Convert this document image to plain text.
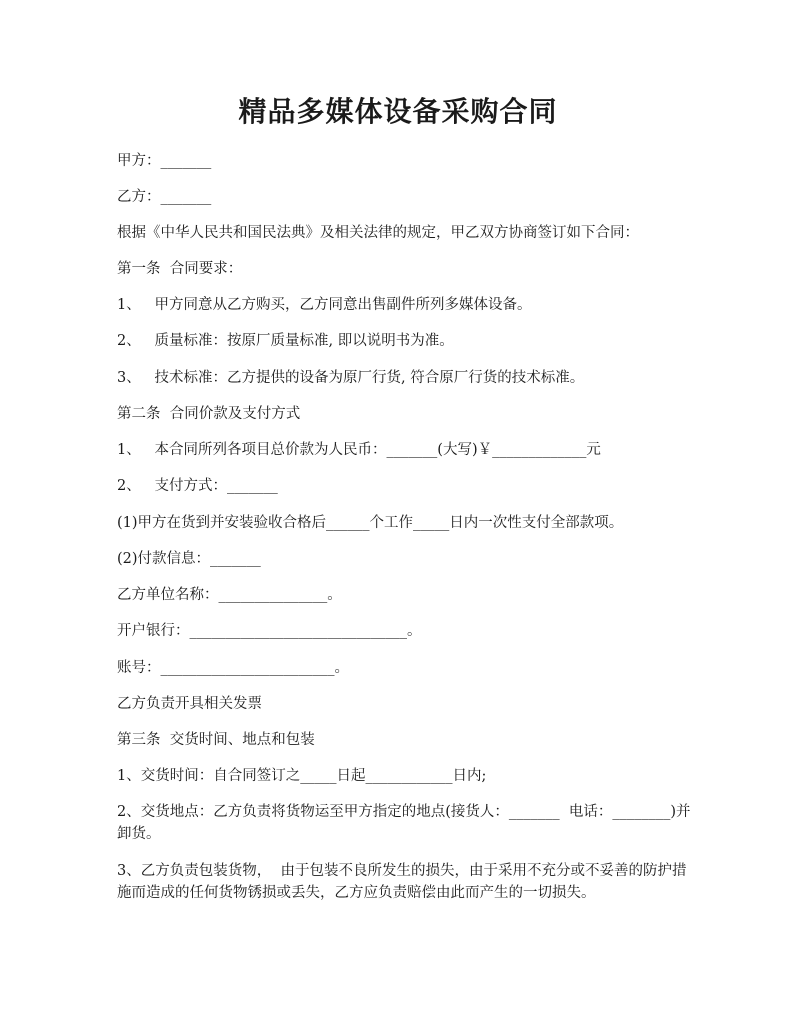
精品多媒体设备采购合同
甲方：_______
乙方：_______
根据《中华人民共和国民法典》及相关法律的规定，甲乙双方协商签订如下合同：
第一条  合同要求：
1、   甲方同意从乙方购买，乙方同意出售副件所列多媒体设备。
2、   质量标准：按原厂质量标准, 即以说明书为准。
3、   技术标准：乙方提供的设备为原厂行货, 符合原厂行货的技术标准。
第二条  合同价款及支付方式
1、   本合同所列各项目总价款为人民币：_______(大写)￥_____________元
2、   支付方式：_______
(1)甲方在货到并安装验收合格后______个工作_____日内一次性支付全部款项。
(2)付款信息：_______
乙方单位名称：_______________。
开户银行：______________________________。
账号：________________________。
乙方负责开具相关发票
第三条  交货时间、地点和包装
1、交货时间：自合同签订之_____日起____________日内;
2、交货地点：乙方负责将货物运至甲方指定的地点(接货人：_______  电话：________)并卸货。
3、乙方负责包装货物，  由于包装不良所发生的损失，由于采用不充分或不妥善的防护措施而造成的任何货物锈损或丢失，乙方应负责赔偿由此而产生的一切损失。
